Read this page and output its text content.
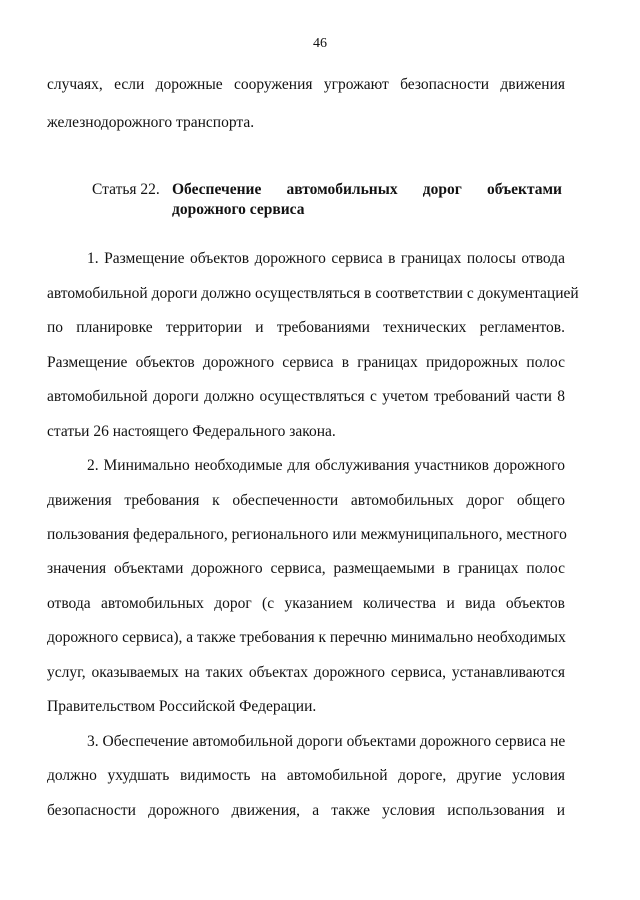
46
случаях, если дорожные сооружения угрожают безопасности движения
железнодорожного транспорта.
Статья 22. Обеспечение автомобильных дорог объектами
дорожного сервиса
1. Размещение объектов дорожного сервиса в границах полосы отвода
автомобильной дороги должно осуществляться в соответствии с документацией
по планировке территории и требованиями технических регламентов.
Размещение объектов дорожного сервиса в границах придорожных полос
автомобильной дороги должно осуществляться с учетом требований части 8
статьи 26 настоящего Федерального закона.
2. Минимально необходимые для обслуживания участников дорожного
движения требования к обеспеченности автомобильных дорог общего
пользования федерального, регионального или межмуниципального, местного
значения объектами дорожного сервиса, размещаемыми в границах полос
отвода автомобильных дорог (с указанием количества и вида объектов
дорожного сервиса), а также требования к перечню минимально необходимых
услуг, оказываемых на таких объектах дорожного сервиса, устанавливаются
Правительством Российской Федерации.
3. Обеспечение автомобильной дороги объектами дорожного сервиса не
должно ухудшать видимость на автомобильной дороге, другие условия
безопасности дорожного движения, а также условия использования и
